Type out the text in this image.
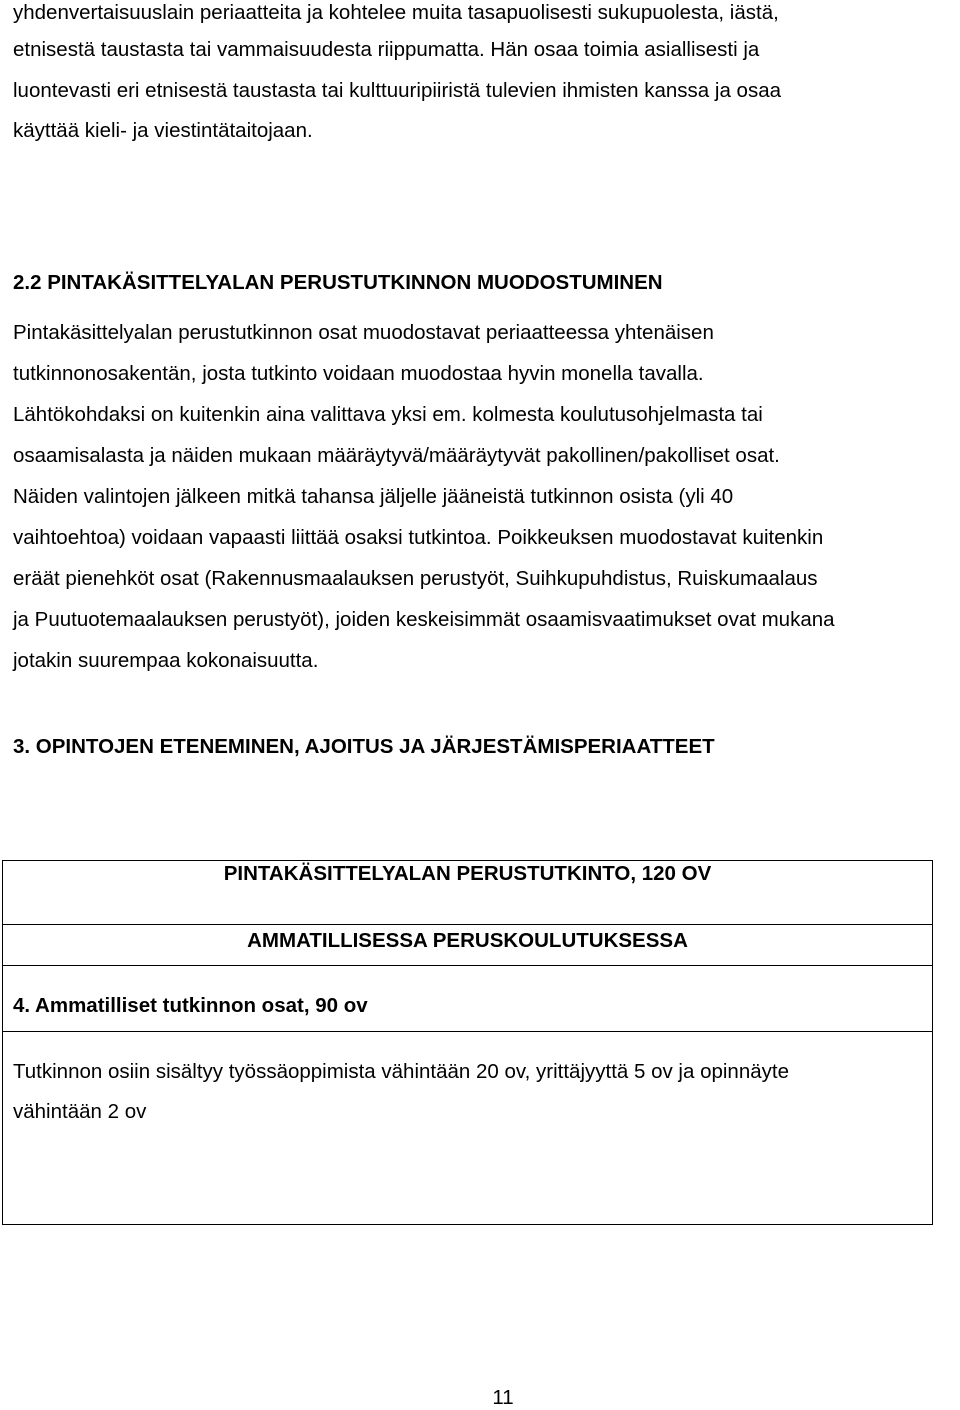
yhdenvertaisuuslain periaatteita ja kohtelee muita tasapuolisesti sukupuolesta, iästä,

etnisestä taustasta tai vammaisuudesta riippumatta. Hän osaa toimia asiallisesti ja

luontevasti eri etnisestä taustasta tai kulttuuripiiristä tulevien ihmisten kanssa ja osaa

käyttää kieli- ja viestintätaitojaan.

2.2 PINTAKÄSITTELYALAN PERUSTUTKINNON MUODOSTUMINEN

Pintakäsittelyalan perustutkinnon osat muodostavat periaatteessa yhtenäisen

tutkinnonosakentän, josta tutkinto voidaan muodostaa hyvin monella tavalla.

Lähtökohdaksi on kuitenkin aina valittava yksi em. kolmesta koulutusohjelmasta tai

osaamisalasta ja näiden mukaan määräytyvä/määräytyvät pakollinen/pakolliset osat.

Näiden valintojen jälkeen mitkä tahansa jäljelle jääneistä tutkinnon osista (yli 40

vaihtoehtoa) voidaan vapaasti liittää osaksi tutkintoa. Poikkeuksen muodostavat kuitenkin

eräät pienehköt osat (Rakennusmaalauksen perustyöt, Suihkupuhdistus, Ruiskumaalaus

ja Puutuotemaalauksen perustyöt), joiden keskeisimmät osaamisvaatimukset ovat mukana

jotakin suurempaa kokonaisuutta.

3. OPINTOJEN ETENEMINEN, AJOITUS JA JÄRJESTÄMISPERIAATTEET

PINTAKÄSITTELYALAN PERUSTUTKINTO, 120 OV

AMMATILLISESSA PERUSKOULUTUKSESSA

4. Ammatilliset tutkinnon osat, 90 ov

Tutkinnon osiin sisältyy työssäoppimista vähintään 20 ov, yrittäjyyttä 5 ov ja opinnäyte

vähintään 2 ov

11
